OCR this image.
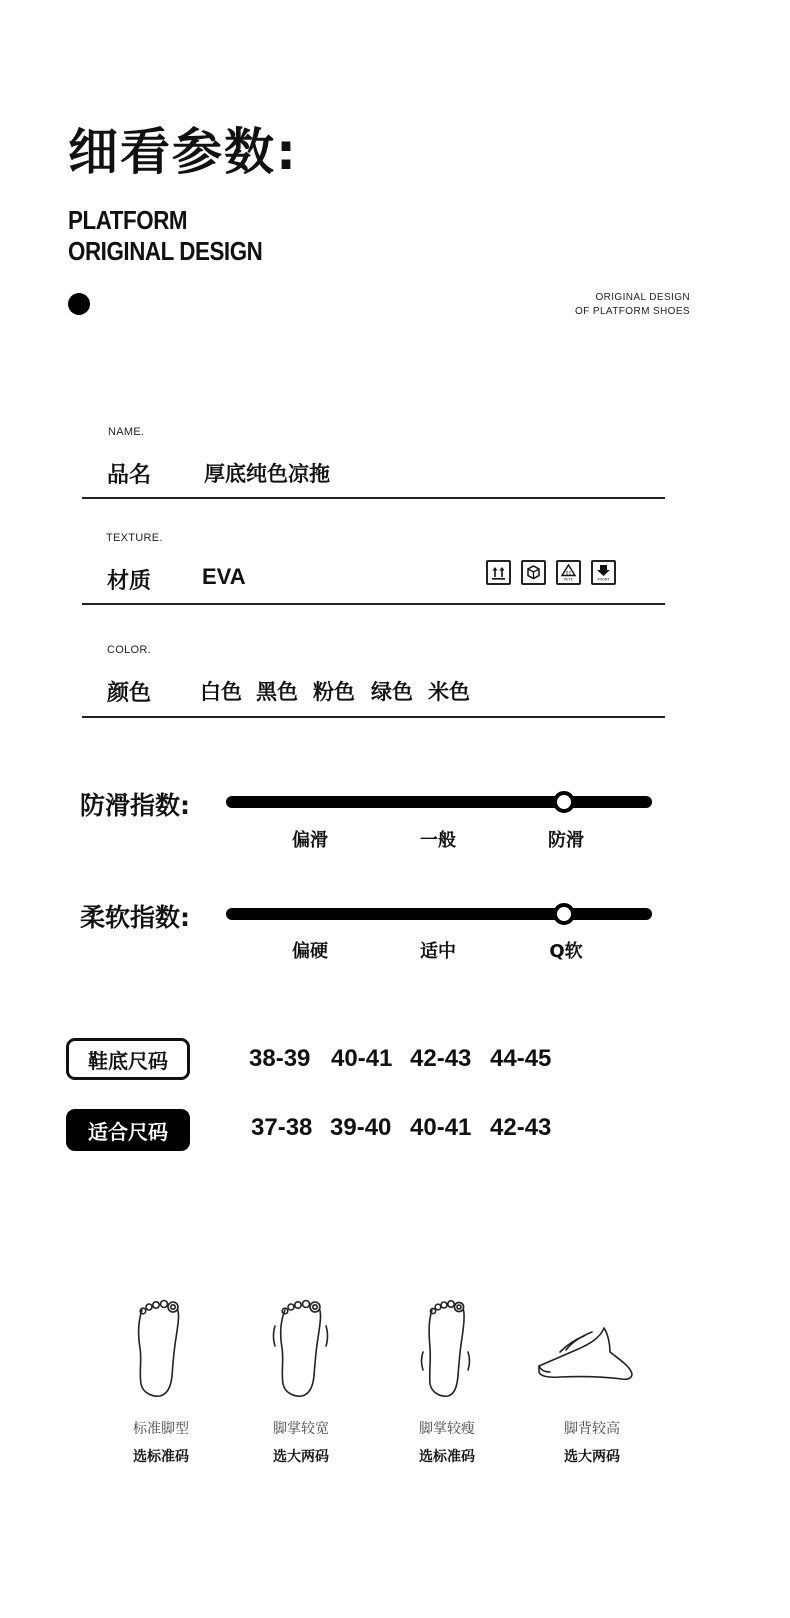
细看参数:
PLATFORM
ORIGINAL DESIGN
ORIGINAL DESIGN
OF PLATFORM SHOES
NAME.
品名	厚底纯色凉拖
TEXTURE.
材质 EVA	01
PETE	FRONT
COLOR.
颜色 白色 黑色 粉色 绿色 米色
防滑指数:
偏滑	一般	防滑
柔软指数:
偏硬	适中	Q软
鞋底尺码	38-39 40-41 42-43 44-45
适合尺码	37-38 39-40 40-41 42-43
标准脚型	脚掌较宽	脚掌较瘦	脚背较高
选标准码	选大两码	选标准码	选大两码
